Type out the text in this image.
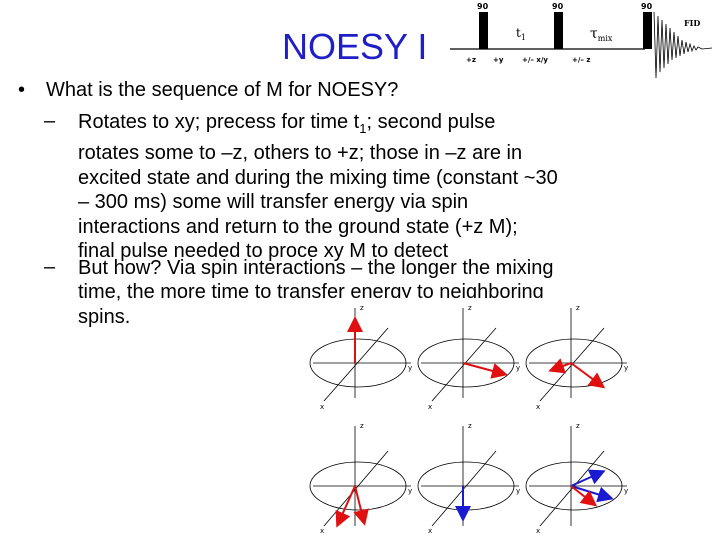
NOESY I
90	90	90
$t_1$	$\tau_{mix}$
+z +y	+/– x/y	+/– z
FID
• What is the sequence of M for NOESY?
– Rotates to xy; precess for time $t_1$; second pulse
rotates some to –z, others to +z; those in –z are in
excited state and during the mixing time (constant ~30
– 300 ms) some will transfer energy via spin
interactions and return to the ground state (+z M);
final pulse needed to proce xy M to detect
– But how? Via spin interactions – the longer the mixing
time, the more time to transfer energy to neighboring
spins.	z
y
x
z
y
x
z
y
x
z
y
x
z
y
x
z
y
x
